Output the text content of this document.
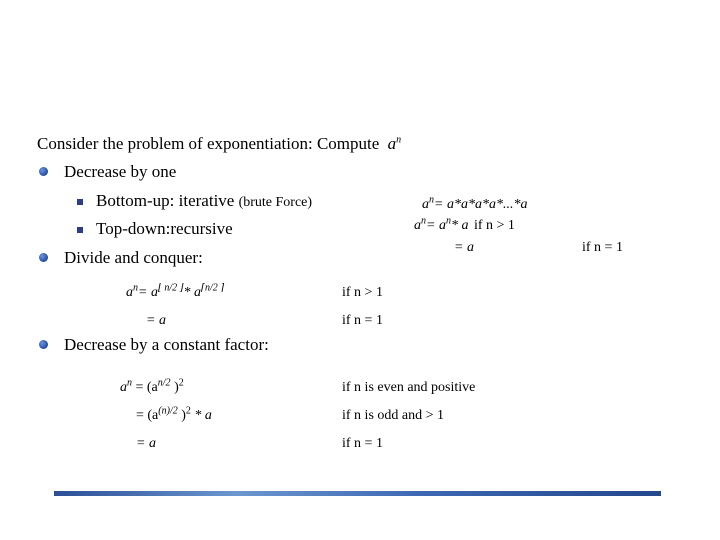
Consider the problem of exponentiation: Compute $a^n$
Decrease by one
Bottom-up: iterative (brute Force)
Top-down:recursive
$a^n= a*a*a*a*...*a$
$a^n= a^n*$ a if n > 1
= a	if n = 1
Divide and conquer:
$a^n= a^{⌊ n/2 ⌋}*$ $a^{⌈n/2 ⌉}$	if n > 1
= a	if n = 1
Decrease by a constant factor:
$a^n = (a^{n/2}$ )$^2$	if n is even and positive
= ($a^{(n)/2}$ )$^2$ * a	if n is odd and > 1
= a	if n = 1
